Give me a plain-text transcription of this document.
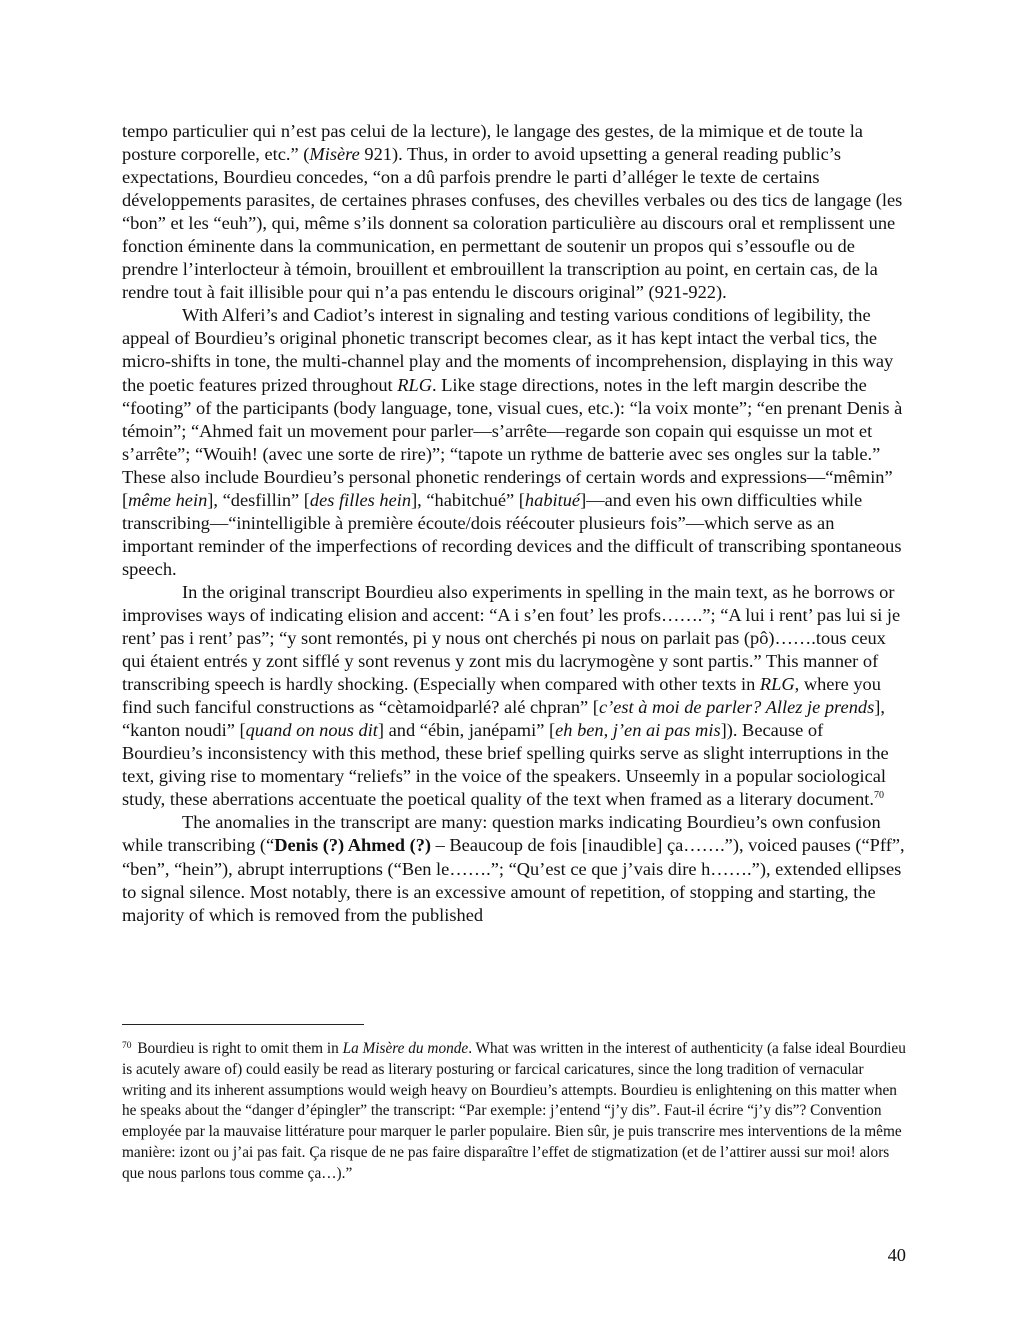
tempo particulier qui n’est pas celui de la lecture), le langage des gestes, de la mimique et de toute la posture corporelle, etc.” (Misère 921). Thus, in order to avoid upsetting a general reading public’s expectations, Bourdieu concedes, “on a dû parfois prendre le parti d’alléger le texte de certains développements parasites, de certaines phrases confuses, des chevilles verbales ou des tics de langage (les “bon” et les “euh”), qui, même s’ils donnent sa coloration particulière au discours oral et remplissent une fonction éminente dans la communication, en permettant de soutenir un propos qui s’essoufle ou de prendre l’interlocteur à témoin, brouillent et embrouillent la transcription au point, en certain cas, de la rendre tout à fait illisible pour qui n’a pas entendu le discours original” (921-922).

With Alferi’s and Cadiot’s interest in signaling and testing various conditions of legibility, the appeal of Bourdieu’s original phonetic transcript becomes clear, as it has kept intact the verbal tics, the micro-shifts in tone, the multi-channel play and the moments of incomprehension, displaying in this way the poetic features prized throughout RLG. Like stage directions, notes in the left margin describe the “footing” of the participants (body language, tone, visual cues, etc.): “la voix monte”; “en prenant Denis à témoin”; “Ahmed fait un movement pour parler—s’arrête—regarde son copain qui esquisse un mot et s’arrête”; “Wouih! (avec une sorte de rire)”; “tapote un rythme de batterie avec ses ongles sur la table.” These also include Bourdieu’s personal phonetic renderings of certain words and expressions—“mêmin” [même hein], “desfillin” [des filles hein], “habitchué” [habitué]—and even his own difficulties while transcribing—“inintelligible à première écoute/dois réécouter plusieurs fois”—which serve as an important reminder of the imperfections of recording devices and the difficult of transcribing spontaneous speech.

In the original transcript Bourdieu also experiments in spelling in the main text, as he borrows or improvises ways of indicating elision and accent: “A i s’en fout’ les profs…….”; “A lui i rent’ pas lui si je rent’ pas i rent’ pas”; “y sont remontés, pi y nous ont cherchés pi nous on parlait pas (pô)…….tous ceux qui étaient entrés y zont sifflé y sont revenus y zont mis du lacrymogène y sont partis.” This manner of transcribing speech is hardly shocking. (Especially when compared with other texts in RLG, where you find such fanciful constructions as “cètamoidparlé? alé chpran” [c’est à moi de parler? Allez je prends], “kanton noudi” [quand on nous dit] and “ébin, janépami” [eh ben, j’en ai pas mis]). Because of Bourdieu’s inconsistency with this method, these brief spelling quirks serve as slight interruptions in the text, giving rise to momentary “reliefs” in the voice of the speakers. Unseemly in a popular sociological study, these aberrations accentuate the poetical quality of the text when framed as a literary document.$^{70}$

The anomalies in the transcript are many: question marks indicating Bourdieu’s own confusion while transcribing (“Denis (?) Ahmed (?) – Beaucoup de fois [inaudible] ça…….”), voiced pauses (“Pff”, “ben”, “hein”), abrupt interruptions (“Ben le…….”; “Qu’est ce que j’vais dire h…….”), extended ellipses to signal silence. Most notably, there is an excessive amount of repetition, of stopping and starting, the majority of which is removed from the published

$^{70}$ Bourdieu is right to omit them in La Misère du monde. What was written in the interest of authenticity (a false ideal Bourdieu is acutely aware of) could easily be read as literary posturing or farcical caricatures, since the long tradition of vernacular writing and its inherent assumptions would weigh heavy on Bourdieu’s attempts. Bourdieu is enlightening on this matter when he speaks about the “danger d’épingler” the transcript: “Par exemple: j’entend “j’y dis”. Faut-il écrire “j’y dis”? Convention employée par la mauvaise littérature pour marquer le parler populaire. Bien sûr, je puis transcrire mes interventions de la même manière: izont ou j’ai pas fait. Ça risque de ne pas faire disparaître l’effet de stigmatization (et de l’attirer aussi sur moi! alors que nous parlons tous comme ça…).”

40
